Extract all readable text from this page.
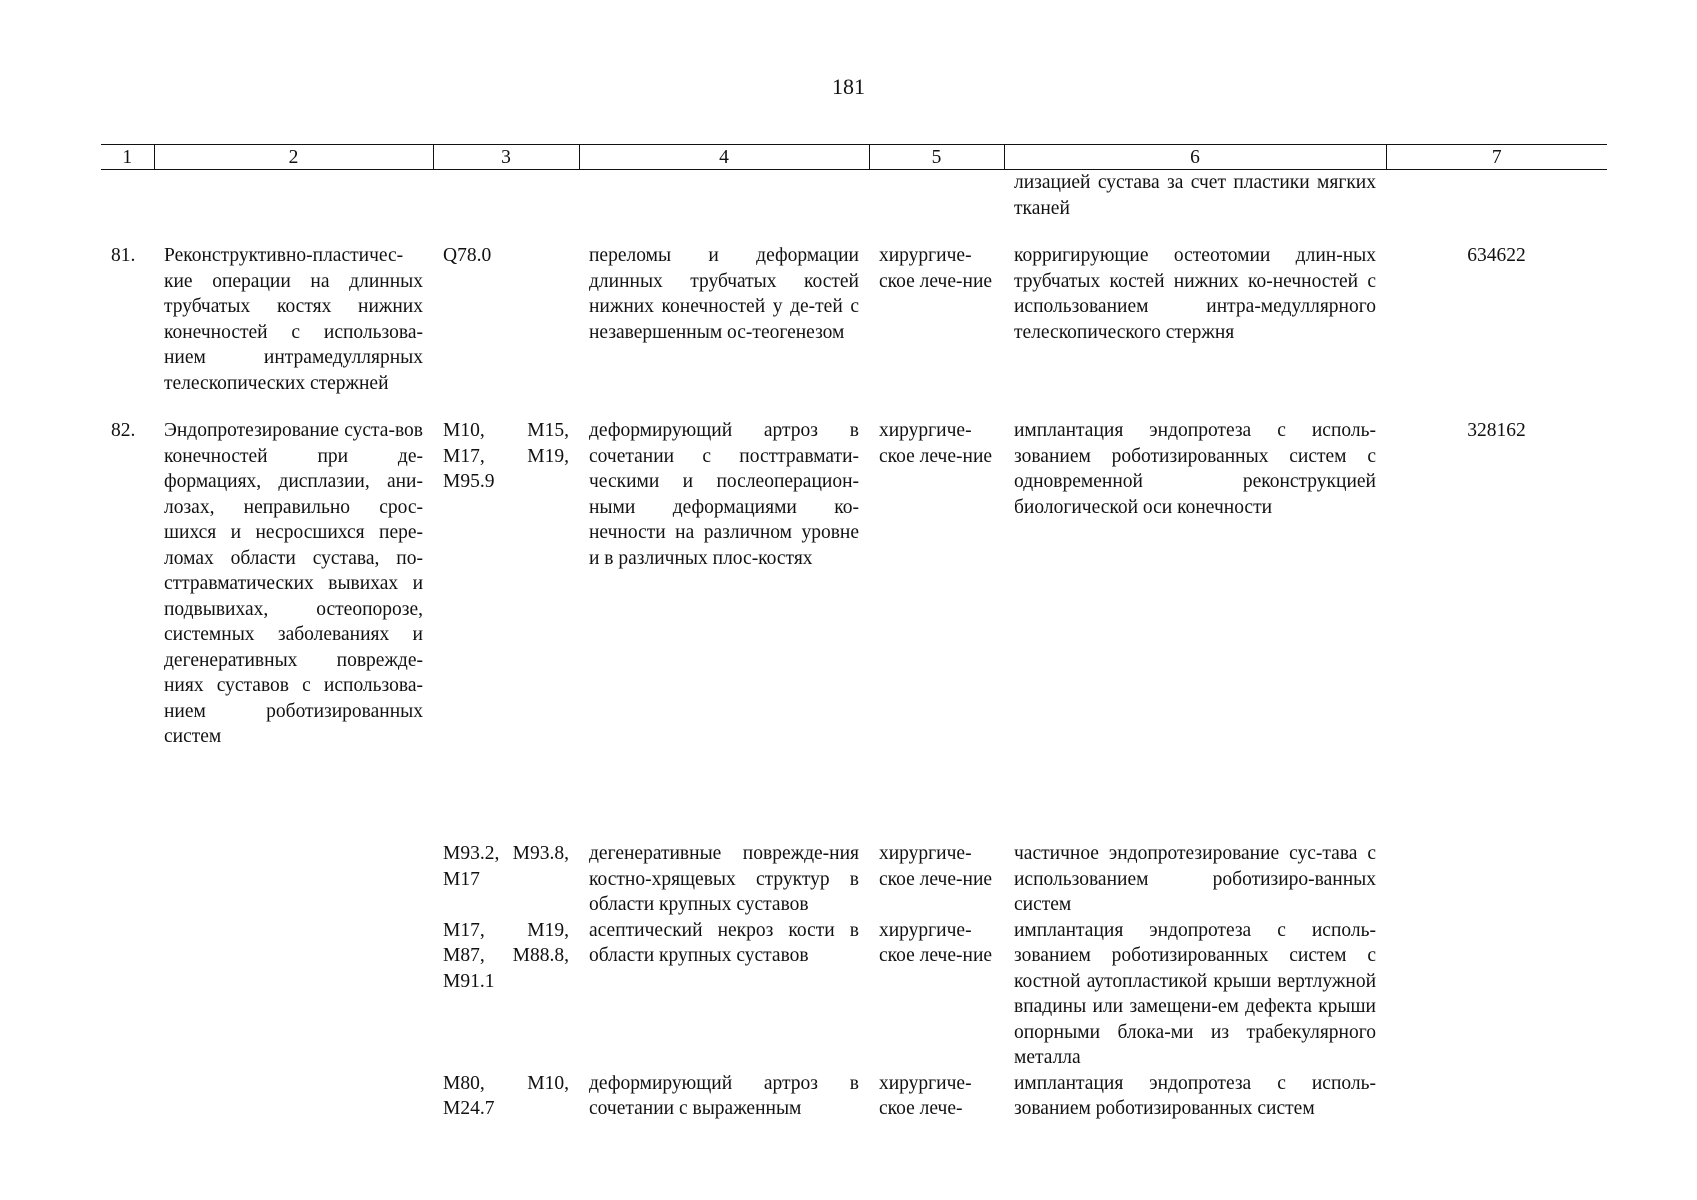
181
1	2	3	4	5	6	7
					лизацией сустава за счет пластики мягких тканей	

81.	Реконструктивно-пластичес-кие операции на длинных трубчатых костях нижних конечностей с использова-нием интрамедуллярных телескопических стержней	Q78.0	переломы и деформации длинных трубчатых костей нижних конечностей у де-тей с незавершенным ос-теогенезом	хирургиче-ское лече-ние	корригирующие остеотомии длин-ных трубчатых костей нижних ко-нечностей с использованием интра-медуллярного телескопического стержня	634622

82.	Эндопротезирование суста-вов конечностей при де-формациях, дисплазии, ани-лозах, неправильно срос-шихся и несросшихся пере-ломах области сустава, по-сттравматических вывихах и подвывихах, остеопорозе, системных заболеваниях и дегенеративных поврежде-ниях суставов с использова-нием роботизированных систем	M10, M15, M17, M19, M95.9	деформирующий артроз в сочетании с посттравмати-ческими и послеоперацион-ными деформациями ко-нечности на различном уровне и в различных плос-костях	хирургиче-ское лече-ние	имплантация эндопротеза с исполь-зованием роботизированных систем с одновременной реконструкцией биологической оси конечности	328162

		M93.2, M93.8, M17	дегенеративные поврежде-ния костно-хрящевых структур в области крупных суставов	хирургиче-ское лече-ние	частичное эндопротезирование сус-тава с использованием роботизиро-ванных систем	
		M17, M19, M87, M88.8, M91.1	асептический некроз кости в области крупных суставов	хирургиче-ское лече-ние	имплантация эндопротеза с исполь-зованием роботизированных систем с костной аутопластикой крыши вертлужной впадины или замещени-ем дефекта крыши опорными блока-ми из трабекулярного металла	
		M80, M10, M24.7	деформирующий артроз в сочетании с выраженным	хирургиче-ское лече-	имплантация эндопротеза с исполь-зованием роботизированных систем	
